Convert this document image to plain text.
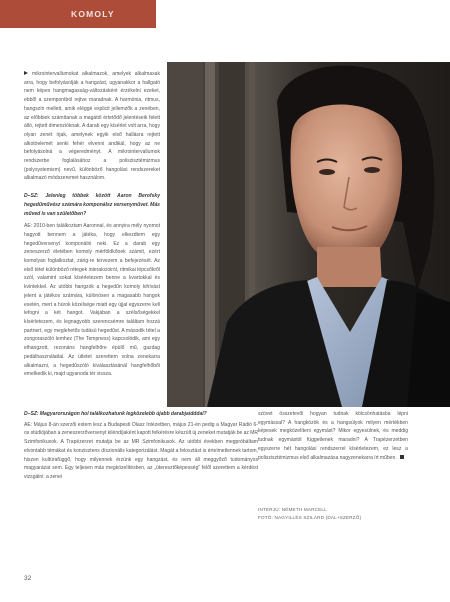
KOMOLY

mikrointervallumokat alkalmazok, amelyek alkalmasak arra, hogy befolyásolják a hangzást, ugyanakkor a hallgató nem képes hangmagasság-változásként érzékelni ezeket, ebből a szempontból rejtve maradnak. A harmónia, ritmus, hangszín mellett, amik eléggé explicit jellemzők a zenében, az előbbiek számítanak a magától értetődő jelentéseik felett álló, rejtett dimenzióknak. A darab egy kísérlet volt arra, hogy olyan zenét írjak, amelynek egyik első hallásra rejtett alkotóelemét senki fehér elvenni andikál, hogy az ne befolyásolná a végeredményt. A mikrointervallumok rendszerbe foglalásához a poliszisztémizmus (polysystemism) nevű, különböző hangolási rendszereket alkalmazó módszeremet használom.

D–SZ: Jelenleg többek között Aaron Berofsky hegedűművész számára komponálsz versenyművet. Más műved is van születőben?

AE: 2010-ben találkoztam Aaronnal, és annyira mély nyomot hagyott bennem a játéka, hogy elkezdtem egy hegedűversenyt komponálni neki. Ez a darab egy zeneszerző életében komoly mérföldkőnek számít, ezért komolyan foglalkoztat, zárig-re tervezem a befejezését. Az első tétel különböző rétegek interakcióiról, ritmikai lépcsőkről szól, valamint sokat kísérletezem benne a kvartokkal és kvintekkel. Az utóbbi hangzók a hegedűn komoly kihívást jelent a játékos számára, különösen a magasabb hangok esetén, mert a húrok közelsége miatt egy újjal egyszerre kell lefogni a két hangot. Vakjában a szélsőségekkel kísérletezem, és legnagyobb szerencsémre találtam hozzá partnert, egy meglehetős tudású hegedűst. A második tétel a zongoraszóló lemhez (The Tempness) kapcsolódik, ami egy elhangzott, rezonáns hangfelhőre épülő mű, gazdag pedálhasználattal. Az ütletet szerettem volna zenekarra alkalmazni, a hegedűszóló kiválasztásánál hangfelhőbői emelkedik ki, majd ugyanoda tér vissza.

D–SZ: Magyarországon hol találkozhatunk legközelebb újabb darabjaidddal?

AE: Május 8-án szerzői estem lesz a Budapesti Olasz Intézetben, május 21-én pedig a Magyar Rádió 6-os stúdiójában a zeneszerzőversenyt kiléndíjaként kapott felkérésre készült új zeneket mutatják be az MR Szimfonikusok. A Trapézerzet mutatja be az MR Szimfonikusok. Az utóbbi években megpróbáltam elvontabb témákat és konzisztens díszionális kategorizálást. Magát a felosztást is értelmetlennek tartom, hiszen kultúrafüggő, hogy milyennek érzünk egy hangzást, és nem áll meggyőző tudományos magyarázat sem. Egy teljesen más megközelítésben, az „üteresztőképesség” felől szerettem a kérdést vizsgálni: a zenei

szövet összetevői hogyan tudnak kölcsönhatásba lépni egymással? A hangközök és a hangsúlyok milyen mértékben képesek megközelíteni egymást? Mikor egyesülnek, és meddig tudnak egymástól függetlenek maradni? A Trapézerzetben egyszerre hét hangolási rendszerrel kísérletezem, ez lesz a poliszisztémizmus első alkalmazása nagyzenekarra írt műben.

INTERJÚ: NÉMETH MARCELL
FOTÓ: NAGYILLÉS SZILÁRD (DAL+SZERZŐ)
32
